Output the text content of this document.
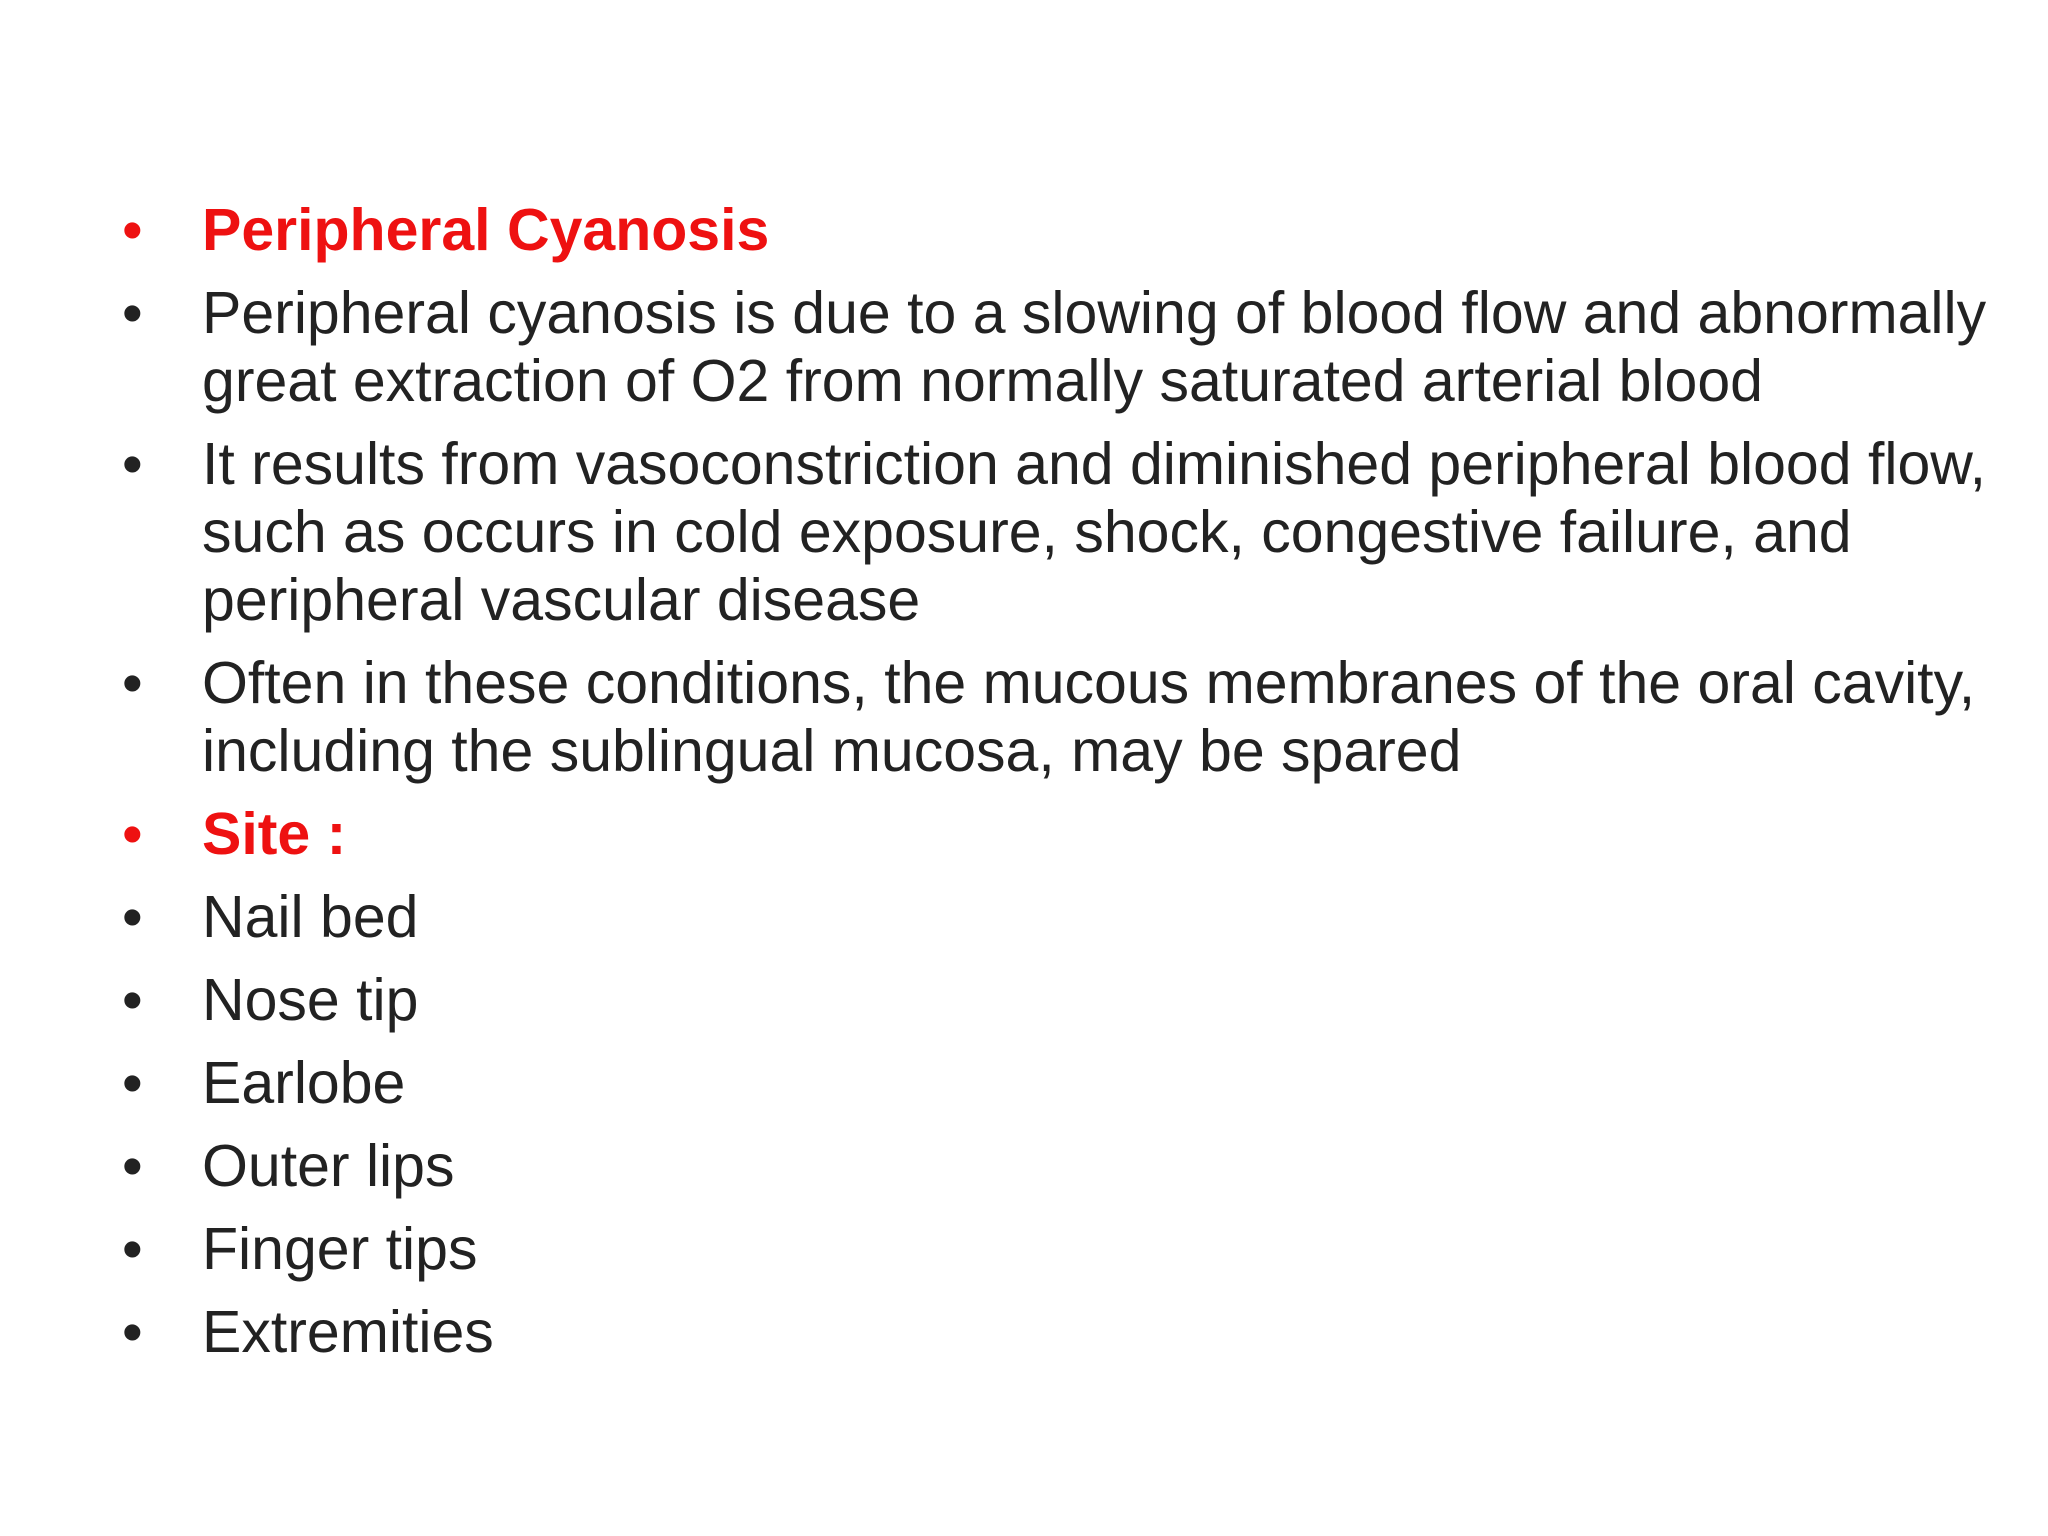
•	Peripheral Cyanosis
•	Peripheral cyanosis is due to a slowing of blood flow and abnormally great extraction of O2 from normally saturated arterial blood
•	It results from vasoconstriction and diminished peripheral blood flow, such as occurs in cold exposure, shock, congestive failure, and peripheral vascular disease
•	Often in these conditions, the mucous membranes of the oral cavity, including the sublingual mucosa, may be spared
•	Site :
•	Nail bed
•	Nose tip
•	Earlobe
•	Outer lips
•	Finger tips
•	Extremities
